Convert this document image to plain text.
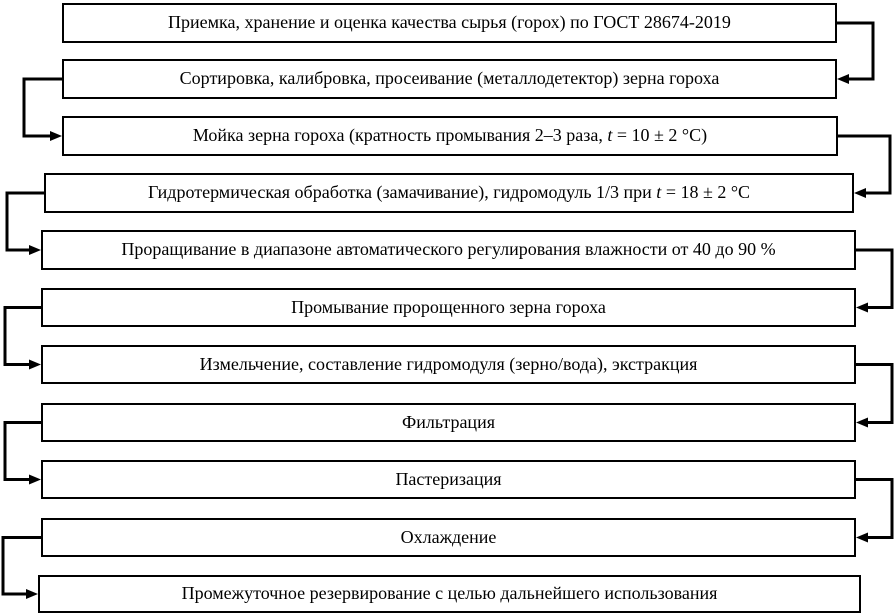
Приемка, хранение и оценка качества сырья (горох) по ГОСТ 28674-2019
Сортировка, калибровка, просеивание (металлодетектор) зерна гороха
Мойка зерна гороха (кратность промывания 2–3 раза, t = 10 ± 2 °С)
Гидротермическая обработка (замачивание), гидромодуль 1/3 при t = 18 ± 2 °С
Проращивание в диапазоне автоматического регулирования влажности от 40 до 90 %
Промывание пророщенного зерна гороха
Измельчение, составление гидромодуля (зерно/вода), экстракция
Фильтрация
Пастеризация
Охлаждение
Промежуточное резервирование с целью дальнейшего использования
